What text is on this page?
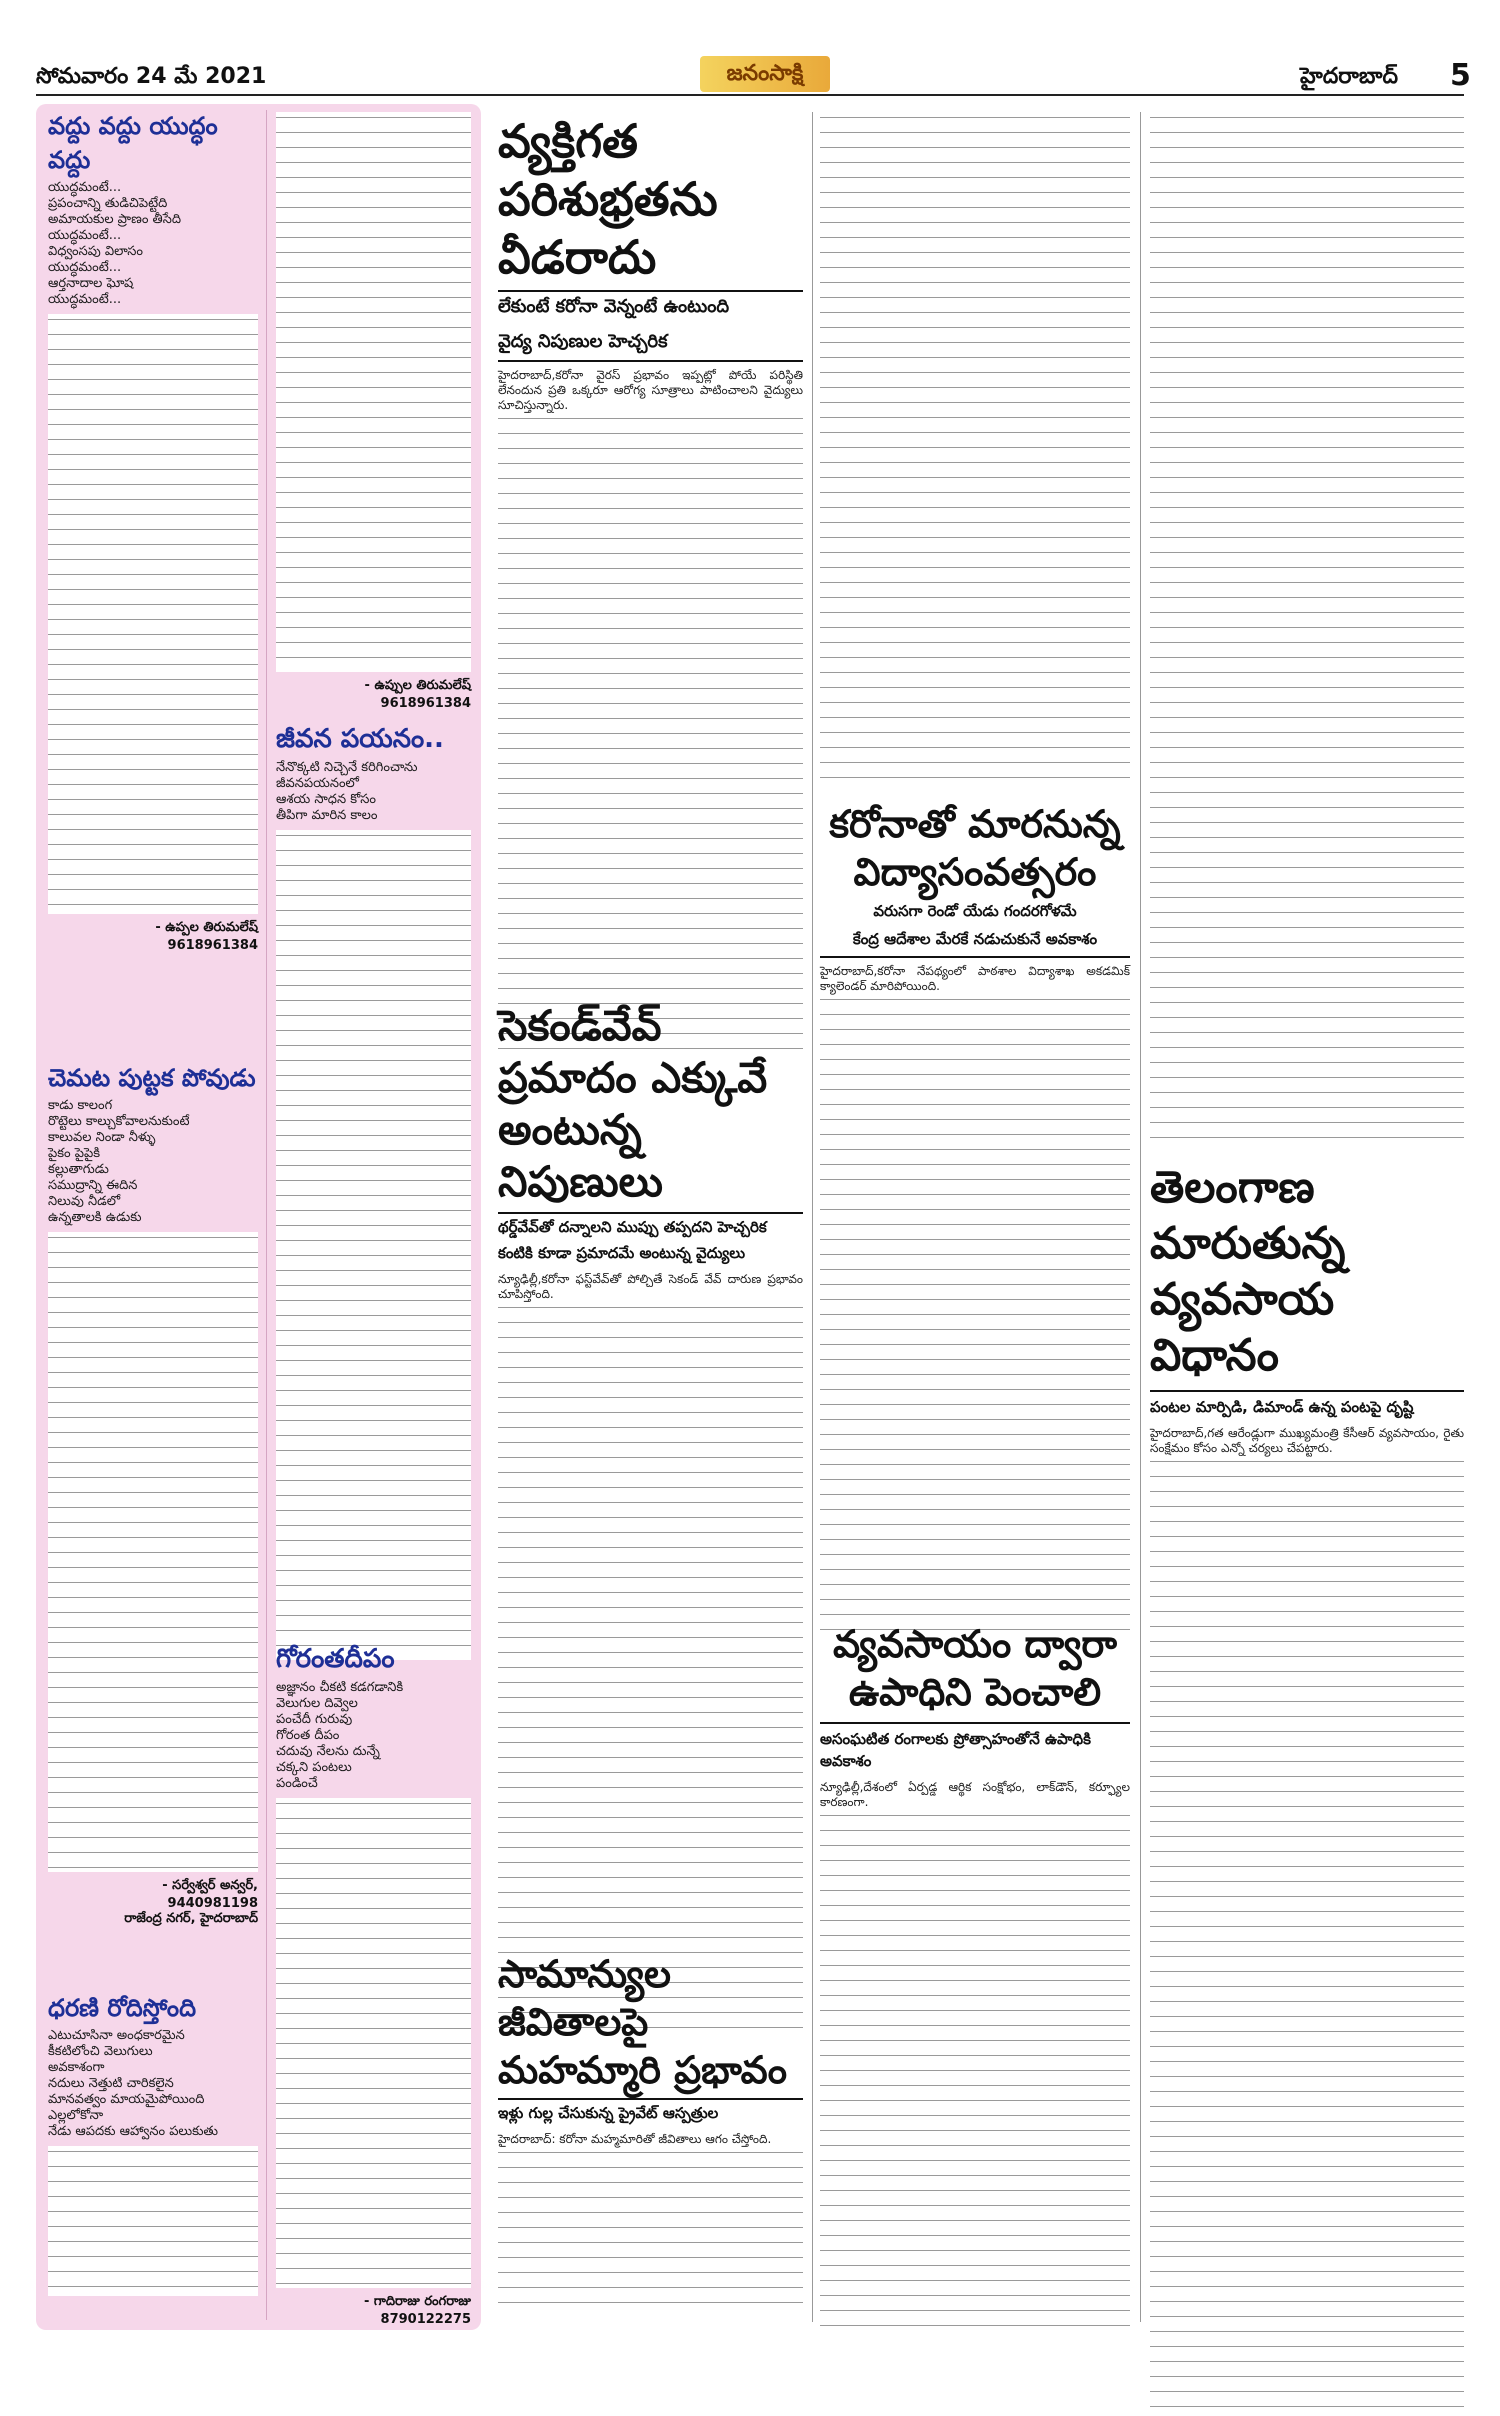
సోమవారం 24 మే 2021	జనంసాక్షి	హైదరాబాద్ 5
వద్దు వద్దు యుద్ధం వద్దు
యుద్ధమంటే...
ప్రపంచాన్ని తుడిచిపెట్టేది
అమాయకుల ప్రాణం తీసేది
యుద్ధమంటే...
విధ్వంసపు విలాసం
యుద్ధమంటే...
ఆర్తనాదాల ఘోష
యుద్ధమంటే...
- ఉప్పల తిరుమలేష్
9618961384
చెమట పుట్టక పోవుడు
కాడు కాలంగ
రొట్టెలు కాల్చుకోవాలనుకుంటే
కాలువల నిండా నీళ్ళు
పైకం పైపైకి
కల్లుతాగుడు
సముద్రాన్ని ఈదిన
నిలువు నీడలో
ఉన్నతాలకి ఉడుకు
- సర్వేశ్వర్ అన్వర్,
9440981198
రాజేంద్ర నగర్, హైదరాబాద్
ధరణి రోదిస్తోంది
ఎటుచూసినా అంధకారమైన
కీకటిలోంచి వెలుగులు
అవకాశంగా
నదులు నెత్తుటి చారికలైన
మానవత్వం మాయమైపోయింది
ఎల్లలోకోనా
నేడు ఆపదకు ఆహ్వానం పలుకుతు
- ఉప్పుల తిరుమలేష్
9618961384
జీవన పయనం..
నేనొక్కటి నిచ్చెనే కరిగించాను
జీవనపయనంలో
ఆశయ సాధన కోసం
తీపిగా మారిన కాలం
గోరంతదీపం
అజ్ఞానం చీకటి కడగడానికి
వెలుగుల దివ్వెల
పంచేదీ గురువు
గోరంత దీపం
చదువు నేలను దున్నే
చక్కని పంటలు
పండించే
- గాదిరాజు రంగరాజు
8790122275
వ్యక్తిగత పరిశుభ్రతను వీడరాదు
లేకుంటే కరోనా వెన్నంటే ఉంటుంది
వైద్య నిపుణుల హెచ్చరిక
హైదరాబాద్‌,కరోనా వైరస్‌ ప్రభావం ఇప్పట్లో పోయే పరిస్థితి లేనందున ప్రతి ఒక్కరూ ఆరోగ్య సూత్రాలు పాటించాలని వైద్యులు సూచిస్తున్నారు.
సెకండ్‌వేవ్‌ ప్రమాదం ఎక్కువే అంటున్న నిపుణులు
థర్డ్‌వేవ్‌తో దన్నాలని ముప్పు తప్పదని హెచ్చరిక
కంటికి కూడా ప్రమాదమే అంటున్న వైద్యులు
న్యూఢిల్లీ,కరోనా ఫస్ట్‌వేవ్‌తో పోల్చితే సెకండ్‌ వేవ్‌ దారుణ ప్రభావం చూపిస్తోంది.
సామాన్యుల జీవితాలపై మహమ్మారి ప్రభావం
ఇళ్లు గుల్ల చేసుకున్న ప్రైవేట్‌ ఆస్పత్రుల
హైదరాబాద్‌: కరోనా మహ్మమారితో జీవితాలు ఆగం చేస్తోంది.
కరోనాతో మారనున్న విద్యాసంవత్సరం
వరుసగా రెండో యేడు గందరగోళమే
కేంద్ర ఆదేశాల మేరకే నడుచుకునే అవకాశం
హైదరాబాద్‌,కరోనా నేపథ్యంలో పాఠశాల విద్యాశాఖ అకడమిక్‌ క్యాలెండర్‌ మారిపోయింది.
వ్యవసాయం ద్వారా ఉపాధిని పెంచాలి
అసంఘటిత రంగాలకు ప్రోత్సాహంతోనే ఉపాధికి అవకాశం
న్యూఢిల్లీ,దేశంలో ఏర్పడ్డ ఆర్థిక సంక్షోభం, లాక్‌డౌన్‌, కర్ఫ్యూల కారణంగా.
తెలంగాణ మారుతున్న వ్యవసాయ విధానం
పంటల మార్పిడి, డిమాండ్‌ ఉన్న పంటపై దృష్టి
హైదరాబాద్‌,గత ఆరేండ్లుగా ముఖ్యమంత్రి కేసీఆర్‌ వ్యవసాయం, రైతు సంక్షేమం కోసం ఎన్నో చర్యలు చేపట్టారు.
